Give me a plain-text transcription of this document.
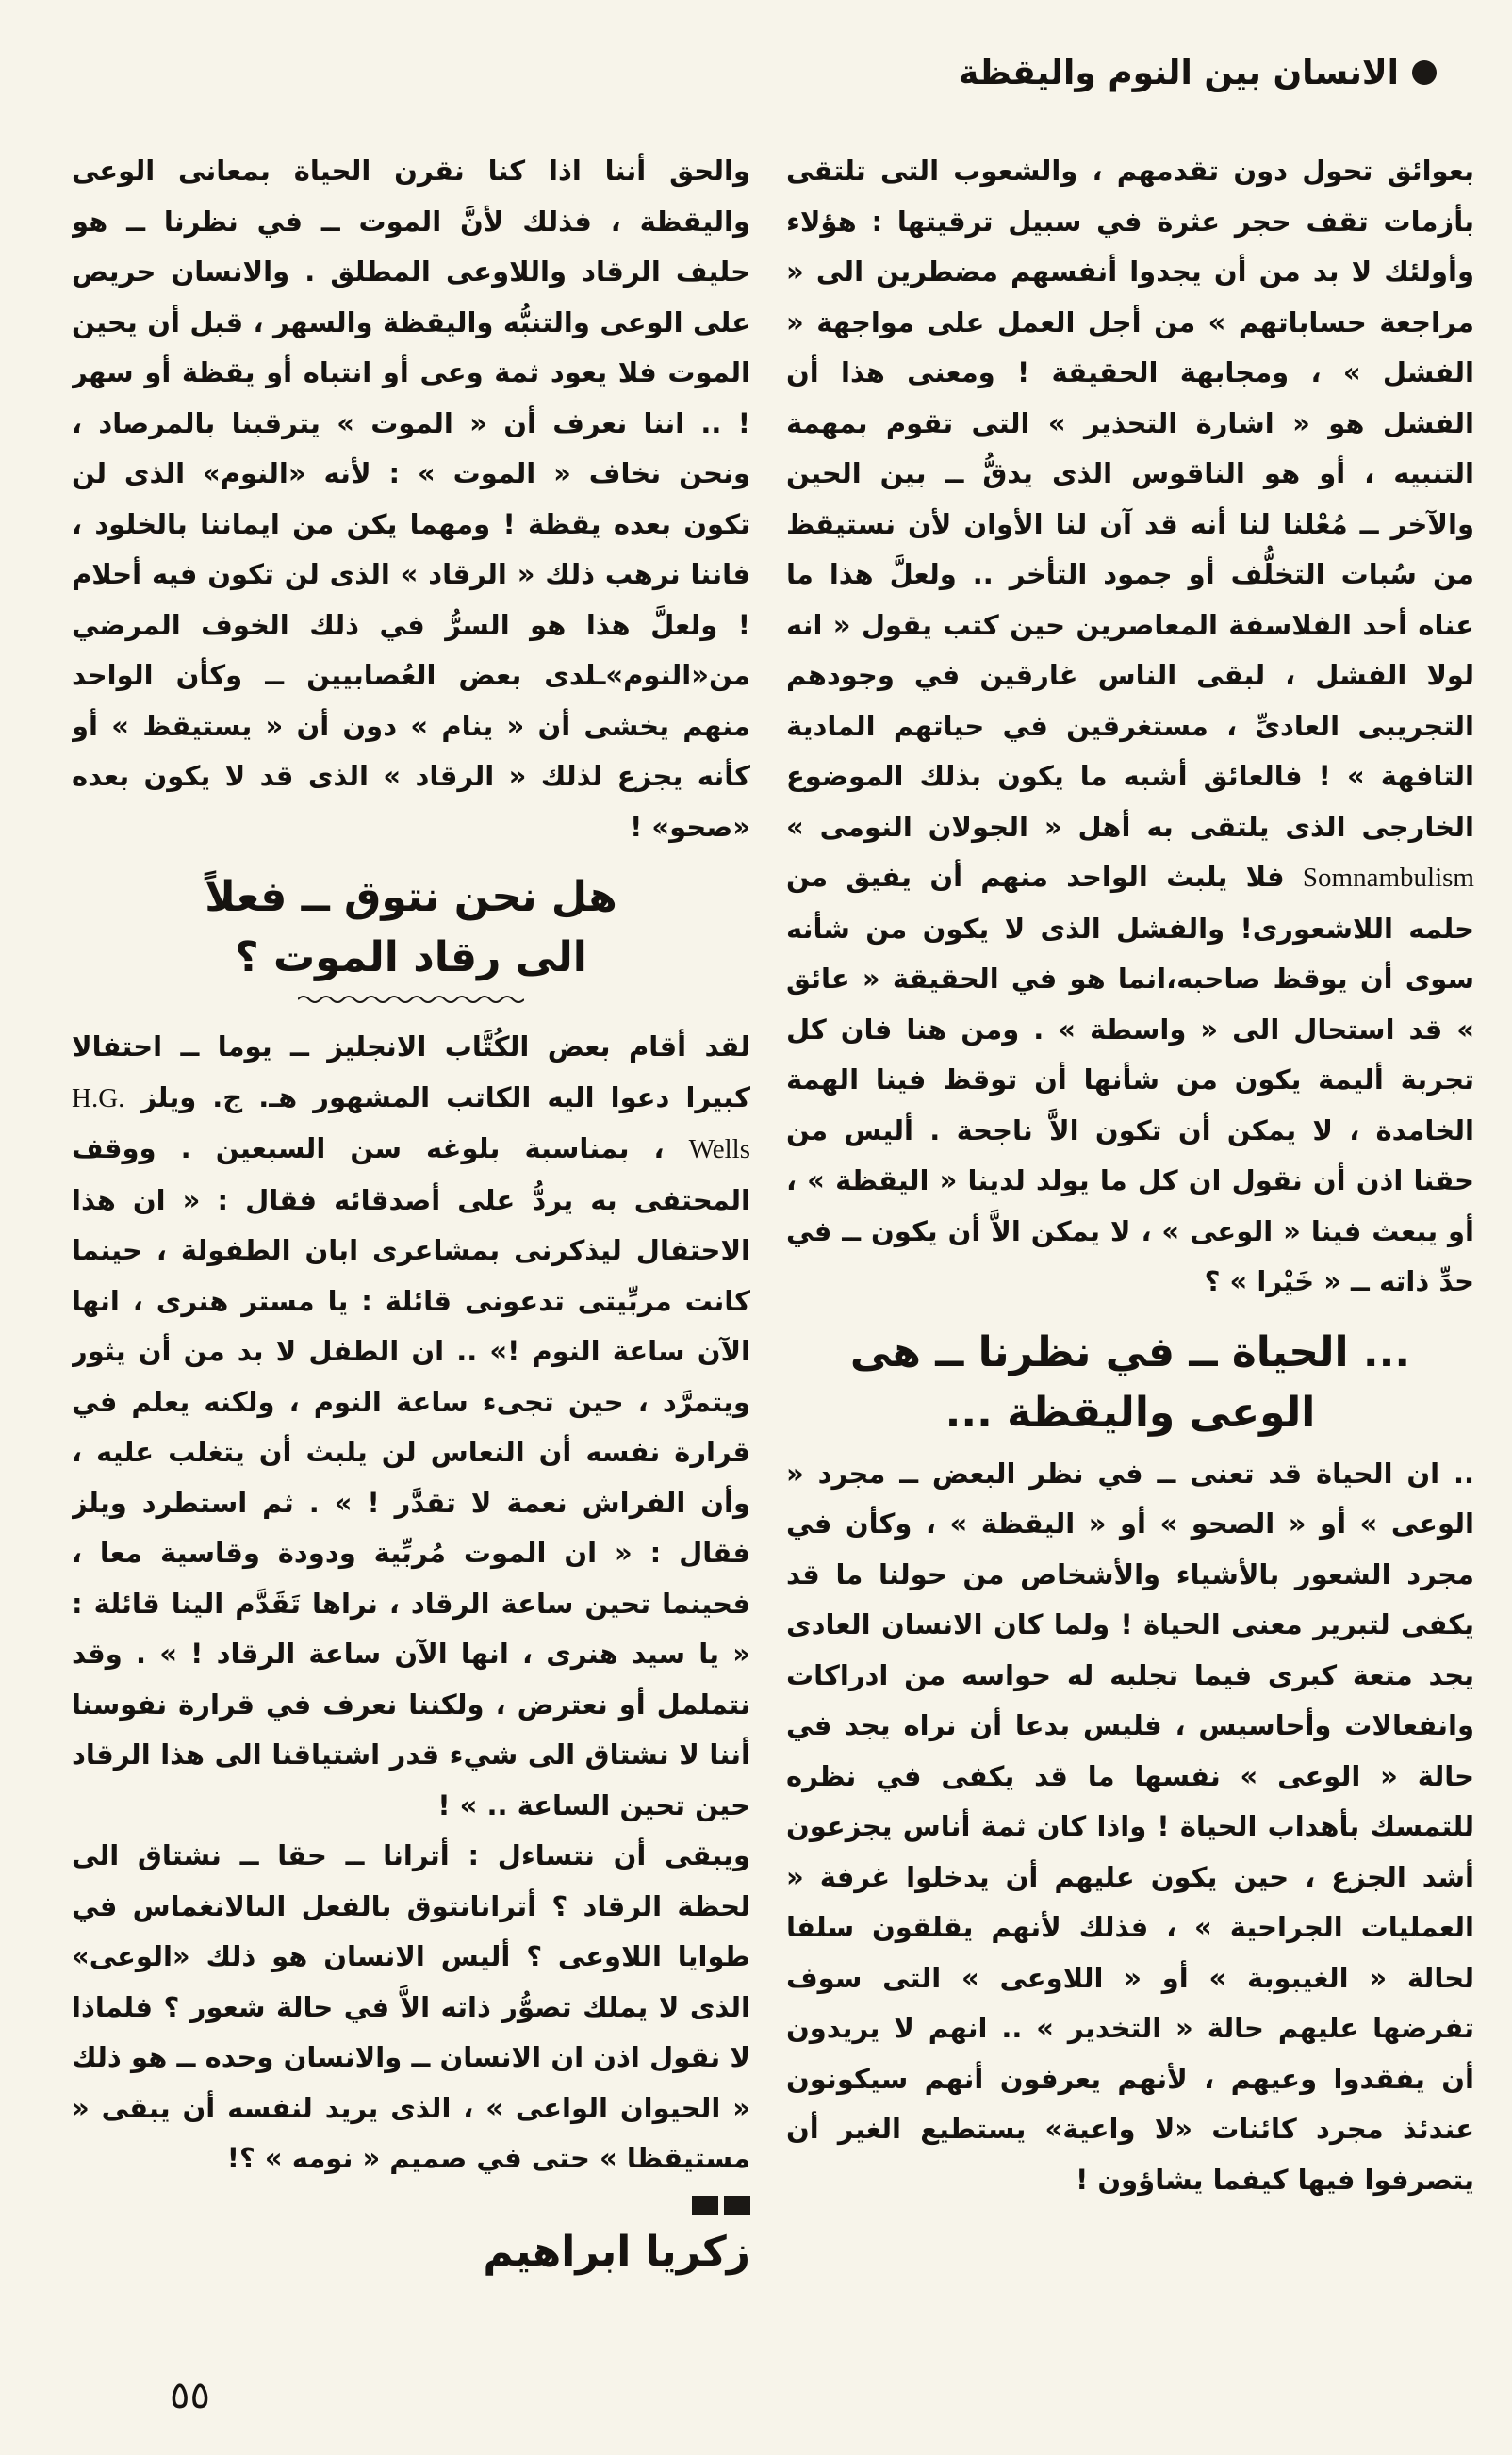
الانسان بين النوم واليقظة

بعوائق تحول دون تقدمهم ، والشعوب التى تلتقى بأزمات تقف حجر عثرة في سبيل ترقيتها : هؤلاء وأولئك لا بد من أن يجدوا أنفسهم مضطرين الى « مراجعة حساباتهم » من أجل العمل على مواجهة « الفشل » ، ومجابهة الحقيقة ! ومعنى هذا أن الفشل هو « اشارة التحذير » التى تقوم بمهمة التنبيه ، أو هو الناقوس الذى يدقُّ ــ بين الحين والآخر ــ مُعْلنا لنا أنه قد آن لنا الأوان لأن نستيقظ من سُبات التخلُّف أو جمود التأخر .. ولعلَّ هذا ما عناه أحد الفلاسفة المعاصرين حين كتب يقول « انه لولا الفشل ، لبقى الناس غارقين في وجودهم التجريبى العادىِّ ، مستغرقين في حياتهم المادية التافهة » ! فالعائق أشبه ما يكون بذلك الموضوع الخارجى الذى يلتقى به أهل « الجولان النومى » Somnambulism فلا يلبث الواحد منهم أن يفيق من حلمه اللاشعورى! والفشل الذى لا يكون من شأنه سوى أن يوقظ صاحبه،انما هو في الحقيقة « عائق » قد استحال الى « واسطة » . ومن هنا فان كل تجربة أليمة يكون من شأنها أن توقظ فينا الهمة الخامدة ، لا يمكن أن تكون الاَّ ناجحة . أليس من حقنا اذن أن نقول ان كل ما يولد لدينا « اليقظة » ، أو يبعث فينا « الوعى » ، لا يمكن الاَّ أن يكون ــ في حدِّ ذاته ــ « خَيْرا » ؟

... الحياة ــ في نظرنا ــ هى الوعى واليقظة ...

.. ان الحياة قد تعنى ــ في نظر البعض ــ مجرد « الوعى » أو « الصحو » أو « اليقظة » ، وكأن في مجرد الشعور بالأشياء والأشخاص من حولنا ما قد يكفى لتبرير معنى الحياة ! ولما كان الانسان العادى يجد متعة كبرى فيما تجلبه له حواسه من ادراكات وانفعالات وأحاسيس ، فليس بدعا أن نراه يجد في حالة « الوعى » نفسها ما قد يكفى في نظره للتمسك بأهداب الحياة ! واذا كان ثمة أناس يجزعون أشد الجزع ، حين يكون عليهم أن يدخلوا غرفة « العمليات الجراحية » ، فذلك لأنهم يقلقون سلفا لحالة « الغيبوبة » أو « اللاوعى » التى سوف تفرضها عليهم حالة « التخدير » .. انهم لا يريدون أن يفقدوا وعيهم ، لأنهم يعرفون أنهم سيكونون عندئذ مجرد كائنات «لا واعية» يستطيع الغير أن يتصرفوا فيها كيفما يشاؤون !

والحق أننا اذا كنا نقرن الحياة بمعانى الوعى واليقظة ، فذلك لأنَّ الموت ــ في نظرنا ــ هو حليف الرقاد واللاوعى المطلق . والانسان حريص على الوعى والتنبُّه واليقظة والسهر ، قبل أن يحين الموت فلا يعود ثمة وعى أو انتباه أو يقظة أو سهر ! .. اننا نعرف أن « الموت » يترقبنا بالمرصاد ، ونحن نخاف « الموت » : لأنه «النوم» الذى لن تكون بعده يقظة ! ومهما يكن من ايماننا بالخلود ، فاننا نرهب ذلك « الرقاد » الذى لن تكون فيه أحلام ! ولعلَّ هذا هو السرُّ في ذلك الخوف المرضي من«النوم»ـلدى بعض العُصابيين ــ وكأن الواحد منهم يخشى أن « ينام » دون أن « يستيقظ » أو كأنه يجزع لذلك « الرقاد » الذى قد لا يكون بعده «صحو» !

هل نحن نتوق ــ فعلاً
الى رقاد الموت ؟

لقد أقام بعض الكُتَّاب الانجليز ــ يوما ــ احتفالا كبيرا دعوا اليه الكاتب المشهور هـ. ج. ويلز H.G. Wells ، بمناسبة بلوغه سن السبعين . ووقف المحتفى به يردُّ على أصدقائه فقال : « ان هذا الاحتفال ليذكرنى بمشاعرى ابان الطفولة ، حينما كانت مربِّيتى تدعونى قائلة : يا مستر هنرى ، انها الآن ساعة النوم !» .. ان الطفل لا بد من أن يثور ويتمرَّد ، حين تجىء ساعة النوم ، ولكنه يعلم في قرارة نفسه أن النعاس لن يلبث أن يتغلب عليه ، وأن الفراش نعمة لا تقدَّر ! » . ثم استطرد ويلز فقال : « ان الموت مُربِّية ودودة وقاسية معا ، فحينما تحين ساعة الرقاد ، نراها تَقَدَّم الينا قائلة : « يا سيد هنرى ، انها الآن ساعة الرقاد ! » . وقد نتململ أو نعترض ، ولكننا نعرف في قرارة نفوسنا أننا لا نشتاق الى شيء قدر اشتياقنا الى هذا الرقاد حين تحين الساعة .. » !

ويبقى أن نتساءل : أترانا ــ حقا ــ نشتاق الى لحظة الرقاد ؟ أترانانتوق بالفعل الىالانغماس في طوايا اللاوعى ؟ أليس الانسان هو ذلك «الوعى» الذى لا يملك تصوُّر ذاته الاَّ في حالة شعور ؟ فلماذا لا نقول اذن ان الانسان ــ والانسان وحده ــ هو ذلك « الحيوان الواعى » ، الذى يريد لنفسه أن يبقى « مستيقظا » حتى في صميم « نومه » ؟!

زكريا ابراهيم
٥٥
